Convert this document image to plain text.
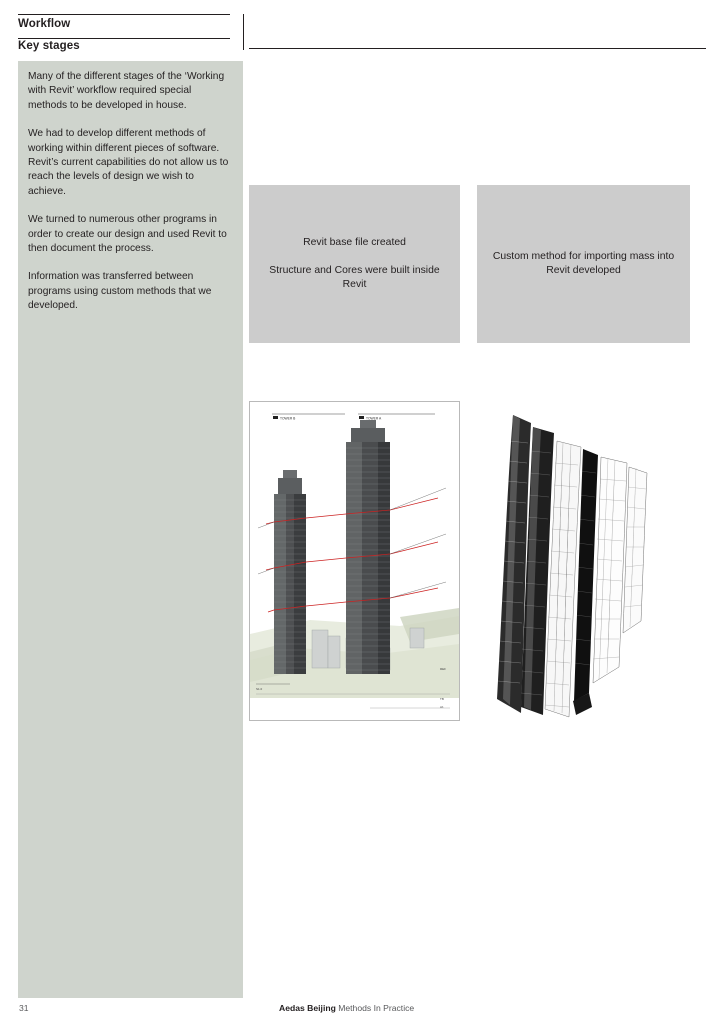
Workflow
Key stages

Many of the different stages of the ‘Working with Revit’ workflow required special methods to be developed in house.

We had to develop different methods of working within different pieces of software. Revit’s current capabilities do not allow us to reach the levels of design we wish to achieve.

We turned to numerous other programs in order to create our design and used Revit to then document the process.

Information was transferred between programs using custom methods that we developed.

Revit base file created
Structure and Cores were built inside Revit
Custom method for importing mass into Revit developed
TOWER B	TOWER A
S1.0
REF
TB
A1
31	Aedas Beijing Methods In Practice
